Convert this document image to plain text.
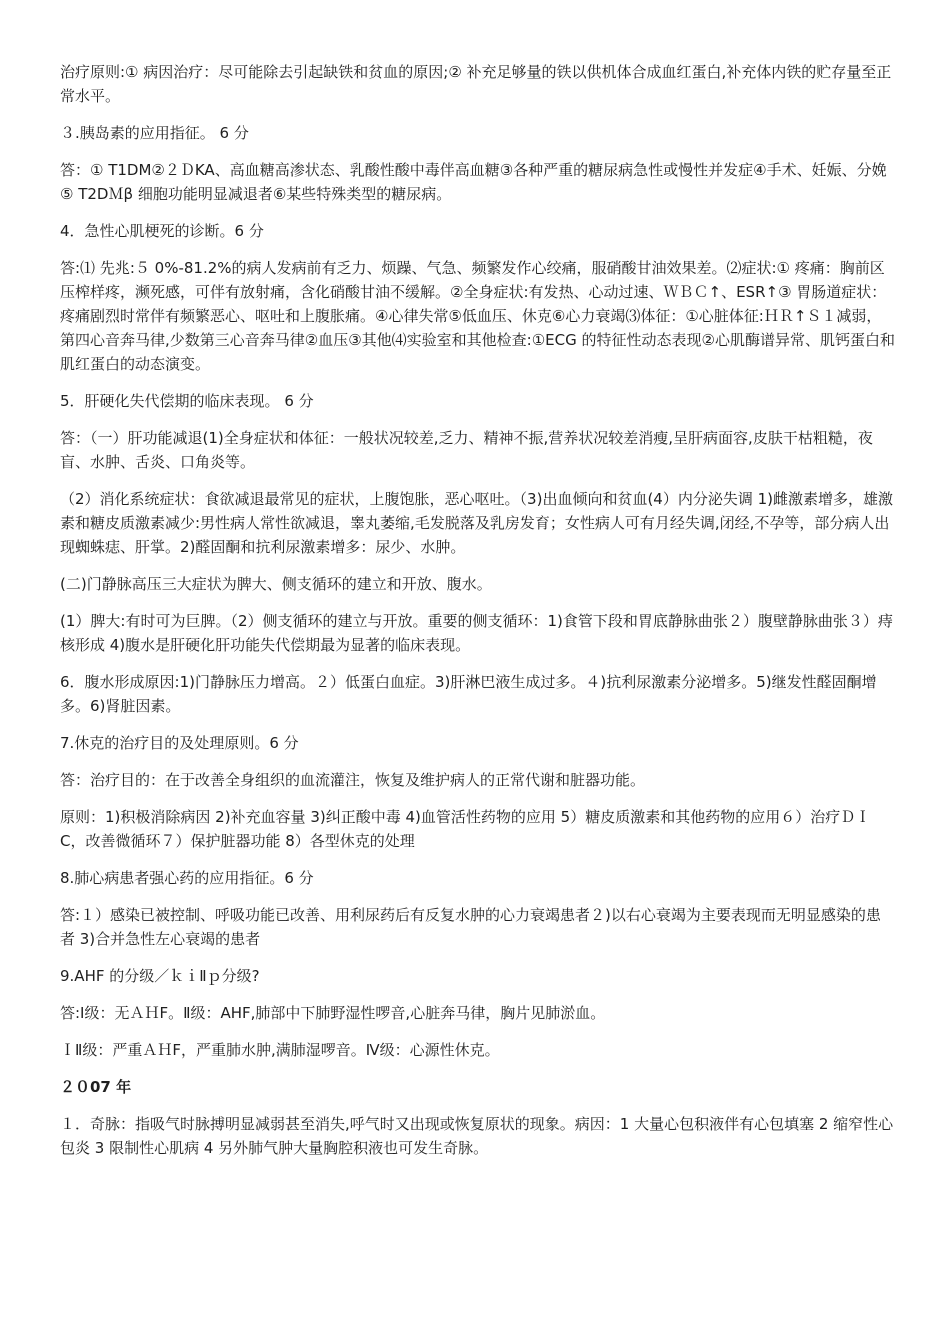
治疗原则:① 病因治疗：尽可能除去引起缺铁和贫血的原因;② 补充足够量的铁以供机体合成血红蛋白,补充体内铁的贮存量至正常水平。

３.胰岛素的应用指征。 6 分

答：① T1DM②２ＤKA、高血糖高渗状态、乳酸性酸中毒伴高血糖③各种严重的糖尿病急性或慢性并发症④手术、妊娠、分娩⑤ T2DＭβ 细胞功能明显减退者⑥某些特殊类型的糖尿病。

4．急性心肌梗死的诊断。6 分

答:⑴ 先兆:５ 0%-81.2%的病人发病前有乏力、烦躁、气急、频繁发作心绞痛，服硝酸甘油效果差。⑵症状:① 疼痛：胸前区压榨样疼，濒死感，可伴有放射痛，含化硝酸甘油不缓解。②全身症状:有发热、心动过速、ＷＢＣ↑、ESR↑③ 胃肠道症状：疼痛剧烈时常伴有频繁恶心、呕吐和上腹胀痛。④心律失常⑤低血压、休克⑥心力衰竭⑶体征：①心脏体征:ＨＲ↑Ｓ１减弱，第四心音奔马律,少数第三心音奔马律②血压③其他⑷实验室和其他检查:①ECG 的特征性动态表现②心肌酶谱异常、肌钙蛋白和肌红蛋白的动态演变。

5．肝硬化失代偿期的临床表现。 6 分

答：（一）肝功能减退(1)全身症状和体征：一般状况较差,乏力、精神不振,营养状况较差消瘦,呈肝病面容,皮肤干枯粗糙，夜盲、水肿、舌炎、口角炎等。

（2）消化系统症状：食欲减退最常见的症状，上腹饱胀，恶心呕吐。（3)出血倾向和贫血(4）内分泌失调 1)雌激素增多，雄激素和糖皮质激素减少:男性病人常性欲减退，睾丸萎缩,毛发脱落及乳房发育；女性病人可有月经失调,闭经,不孕等，部分病人出现蜘蛛痣、肝掌。2)醛固酮和抗利尿激素增多：尿少、水肿。

(二)门静脉高压三大症状为脾大、侧支循环的建立和开放、腹水。

(1）脾大:有时可为巨脾。（2）侧支循环的建立与开放。重要的侧支循环：1)食管下段和胃底静脉曲张２）腹壁静脉曲张３）痔核形成 4)腹水是肝硬化肝功能失代偿期最为显著的临床表现。

6．腹水形成原因:1)门静脉压力增高。２）低蛋白血症。3)肝淋巴液生成过多。４)抗利尿激素分泌增多。5)继发性醛固酮增多。6)肾脏因素。

7.休克的治疗目的及处理原则。6 分

答：治疗目的：在于改善全身组织的血流灌注，恢复及维护病人的正常代谢和脏器功能。

原则：1)积极消除病因 2)补充血容量 3)纠正酸中毒 4)血管活性药物的应用 5）糖皮质激素和其他药物的应用６）治疗ＤＩC，改善微循环７）保护脏器功能 8）各型休克的处理

8.肺心病患者强心药的应用指征。6 分

答:１）感染已被控制、呼吸功能已改善、用利尿药后有反复水肿的心力衰竭患者２)以右心衰竭为主要表现而无明显感染的患者 3)合并急性左心衰竭的患者

9.AHF 的分级／ｋｉⅡｐ分级?

答:Ⅰ级：无ＡＨF。Ⅱ级：AHF,肺部中下肺野湿性啰音,心脏奔马律，胸片见肺淤血。

ＩⅡ级：严重ＡＨF，严重肺水肿,满肺湿啰音。Ⅳ级：心源性休克。

２０07 年

１．奇脉：指吸气时脉搏明显减弱甚至消失,呼气时又出现或恢复原状的现象。病因：1 大量心包积液伴有心包填塞 2 缩窄性心包炎 3 限制性心肌病 4 另外肺气肿大量胸腔积液也可发生奇脉。
